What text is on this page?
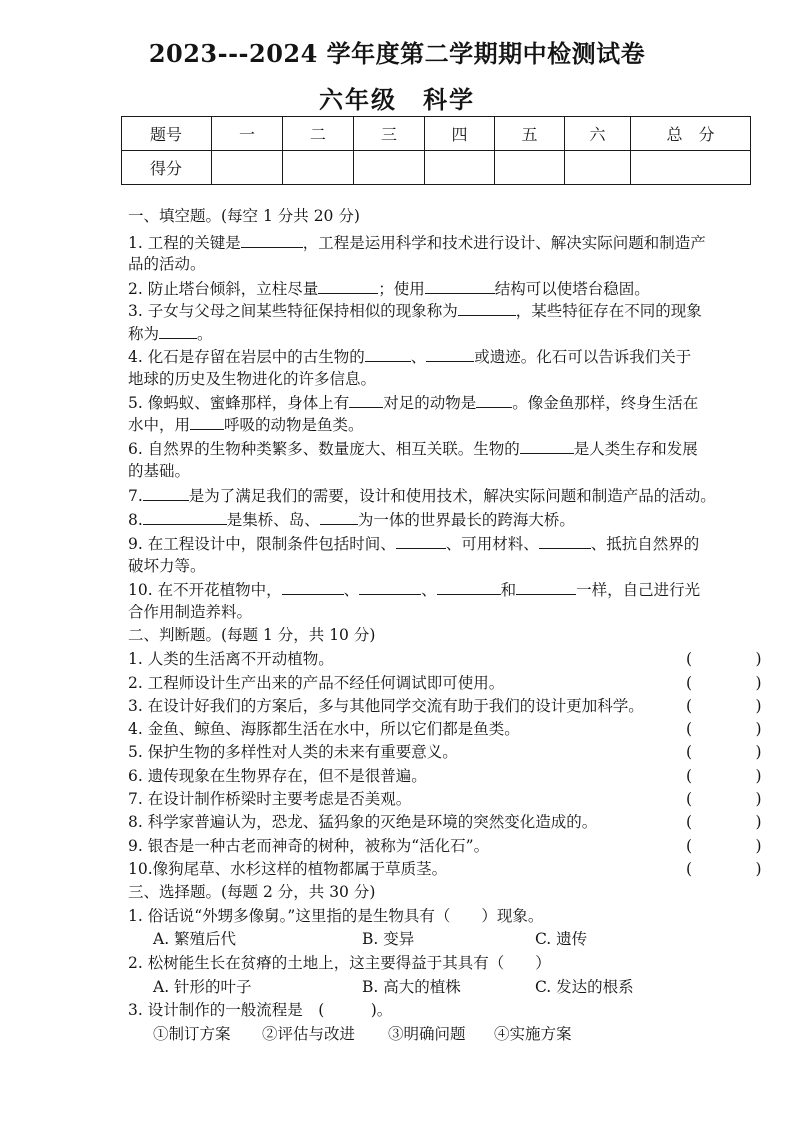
2023---2024 学年度第二学期期中检测试卷
六年级　科学
题号	一	二	三	四	五	六	总　分
得分							
一、填空题。(每空 1 分共 20 分)
1. 工程的关键是	，工程是运用科学和技术进行设计、解决实际问题和制造产
品的活动。
2. 防止塔台倾斜，立柱尽量	；使用	结构可以使塔台稳固。
3. 子女与父母之间某些特征保持相似的现象称为	，某些特征存在不同的现象
称为 。
4. 化石是存留在岩层中的古生物的	、	或遗迹。化石可以告诉我们关于
地球的历史及生物进化的许多信息。
5. 像蚂蚁、蜜蜂那样，身体上有 对足的动物是 。像金鱼那样，终身生活在
水中，用 呼吸的动物是鱼类。
6. 自然界的生物种类繁多、数量庞大、相互关联。生物的	是人类生存和发展
的基础。
7.	是为了满足我们的需要，设计和使用技术，解决实际问题和制造产品的活动。
8.	是集桥、岛、 为一体的世界最长的跨海大桥。
9. 在工程设计中，限制条件包括时间、	、可用材料、	、抵抗自然界的
破坏力等。
10. 在不开花植物中，	、	、	和	一样，自己进行光
合作用制造养料。
二、判断题。(每题 1 分，共 10 分)
1. 人类的生活离不开动植物。	(　)
2. 工程师设计生产出来的产品不经任何调试即可使用。	(　)
3. 在设计好我们的方案后，多与其他同学交流有助于我们的设计更加科学。	(　)
4. 金鱼、鲸鱼、海豚都生活在水中，所以它们都是鱼类。	(　)
5. 保护生物的多样性对人类的未来有重要意义。	(　)
6. 遗传现象在生物界存在，但不是很普遍。	(　)
7. 在设计制作桥梁时主要考虑是否美观。	(　)
8. 科学家普遍认为，恐龙、猛犸象的灭绝是环境的突然变化造成的。	(　)
9. 银杏是一种古老而神奇的树种，被称为“活化石”。	(　)
10.像狗尾草、水杉这样的植物都属于草质茎。	(　)
三、选择题。(每题 2 分，共 30 分)
1. 俗话说“外甥多像舅。”这里指的是生物具有（　　）现象。
A. 繁殖后代	B. 变异	C. 遗传
2. 松树能生长在贫瘠的土地上，这主要得益于其具有（　　）
A. 针形的叶子	B. 高大的植株	C. 发达的根系
3. 设计制作的一般流程是　(　　　)。
①制订方案 ②评估与改进 ③明确问题 ④实施方案
